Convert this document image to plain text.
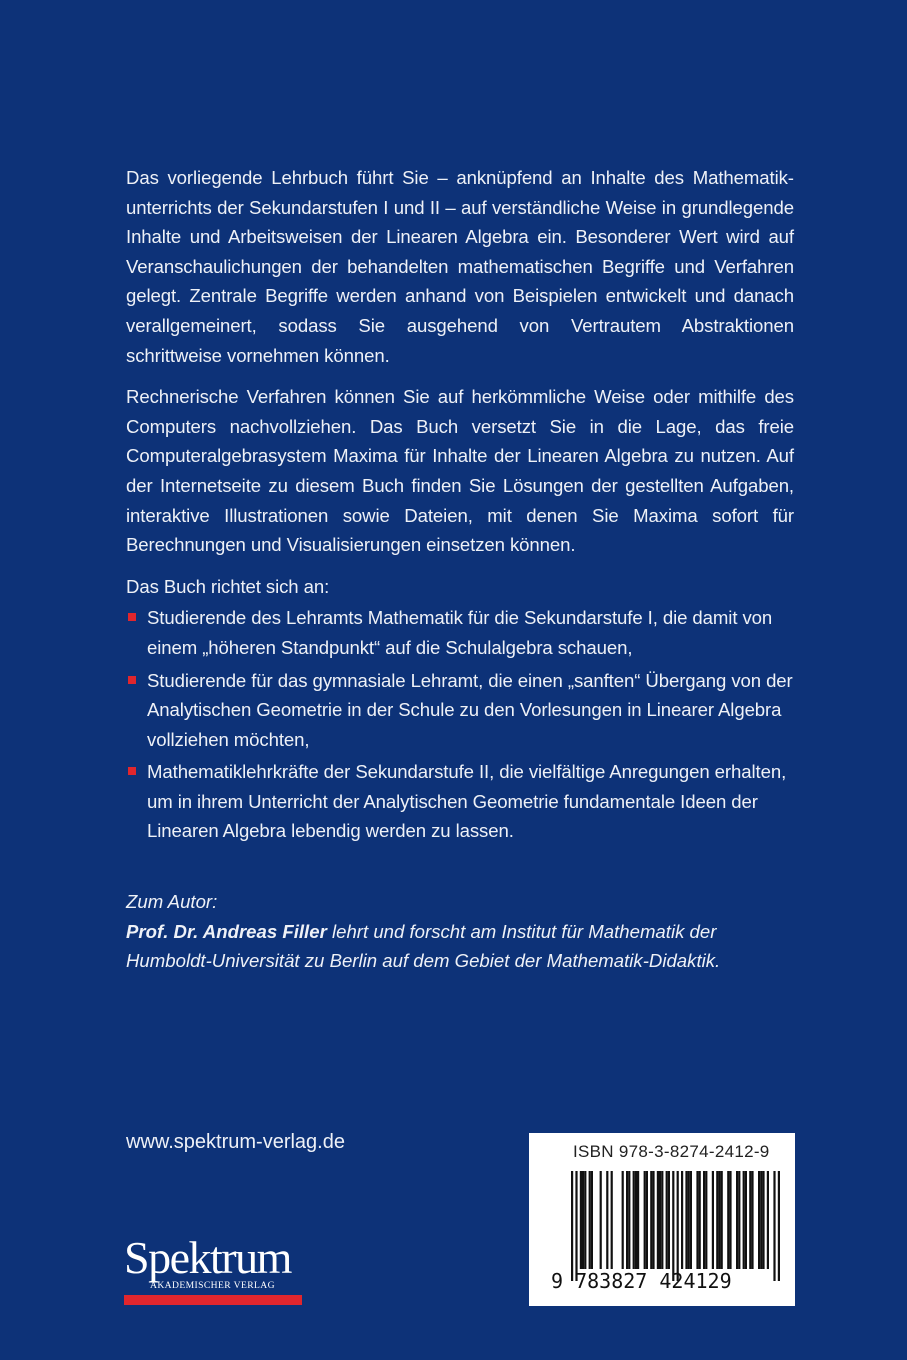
Das vorliegende Lehrbuch führt Sie – anknüpfend an Inhalte des Mathematikunterrichts der Sekundarstufen I und II – auf verständliche Weise in grundlegende Inhalte und Arbeitsweisen der Linearen Algebra ein. Besonderer Wert wird auf Veranschaulichungen der behandelten mathematischen Begriffe und Verfahren gelegt. Zentrale Begriffe werden anhand von Beispielen entwickelt und danach verallgemeinert, sodass Sie ausgehend von Vertrautem Abstraktionen schrittweise vornehmen können.

Rechnerische Verfahren können Sie auf herkömmliche Weise oder mithilfe des Computers nachvollziehen. Das Buch versetzt Sie in die Lage, das freie Computeralgebrasystem Maxima für Inhalte der Linearen Algebra zu nutzen. Auf der Internetseite zu diesem Buch finden Sie Lösungen der gestellten Aufgaben, interaktive Illustrationen sowie Dateien, mit denen Sie Maxima sofort für Berechnungen und Visualisierungen einsetzen können.

Das Buch richtet sich an:
Studierende des Lehramts Mathematik für die Sekundarstufe I, die damit von einem „höheren Standpunkt“ auf die Schulalgebra schauen,
Studierende für das gymnasiale Lehramt, die einen „sanften“ Übergang von der Analytischen Geometrie in der Schule zu den Vorlesungen in Linearer Algebra vollziehen möchten,
Mathematiklehrkräfte der Sekundarstufe II, die vielfältige Anregungen erhalten, um in ihrem Unterricht der Analytischen Geometrie fundamentale Ideen der Linearen Algebra lebendig werden zu lassen.
Zum Autor:
Prof. Dr. Andreas Filler lehrt und forscht am Institut für Mathematik der Humboldt-Universität zu Berlin auf dem Gebiet der Mathematik-Didaktik.
www.spektrum-verlag.de
Spektrum
AKADEMISCHER VERLAG
ISBN 978-3-8274-2412-9
9 783827 424129
